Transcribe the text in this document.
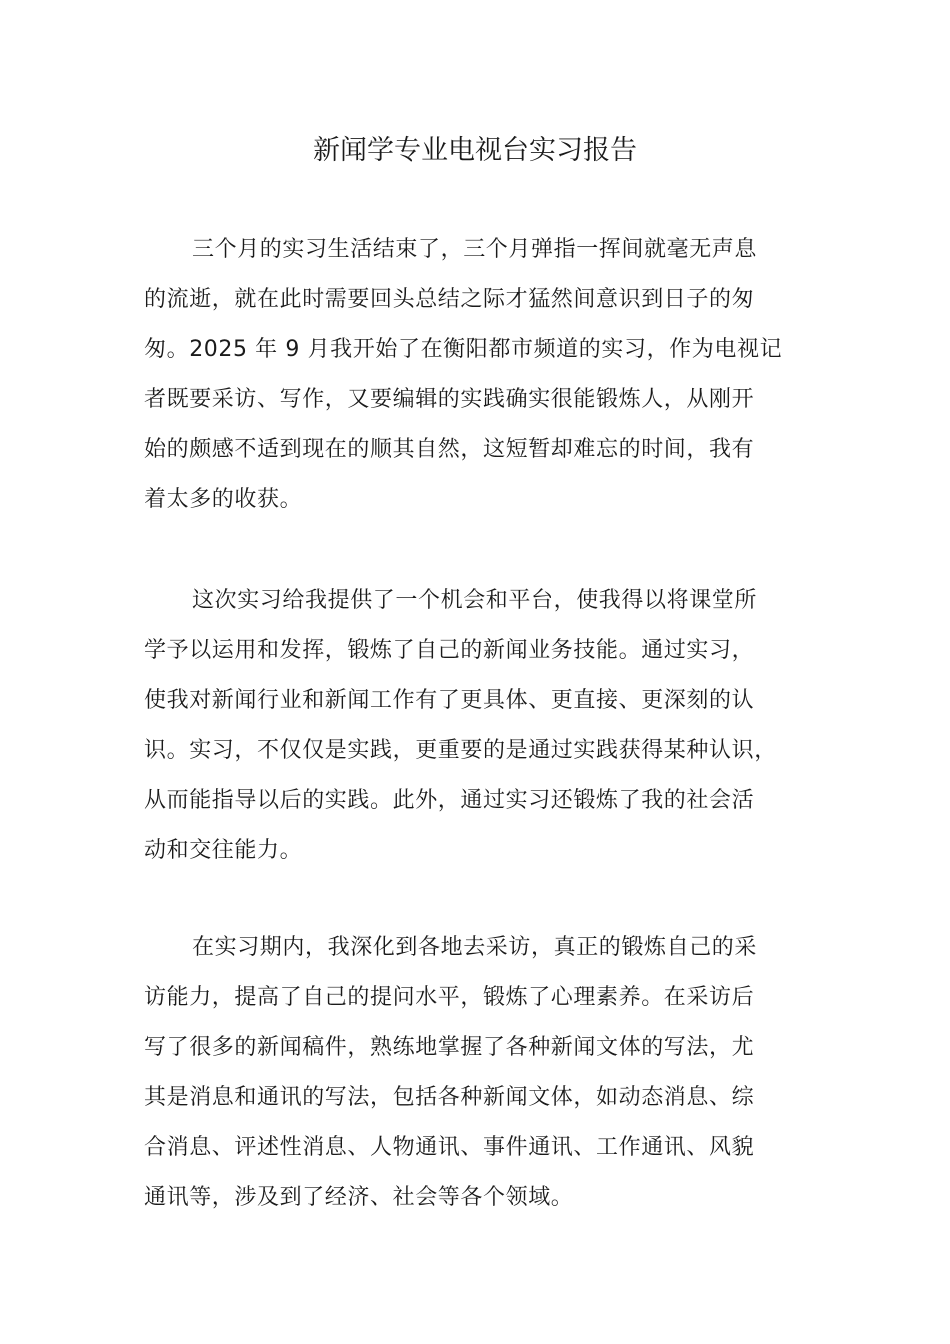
新闻学专业电视台实习报告
三个月的实习生活结束了，三个月弹指一挥间就毫无声息
的流逝，就在此时需要回头总结之际才猛然间意识到日子的匆
匆。2025 年 9 月我开始了在衡阳都市频道的实习，作为电视记
者既要采访、写作，又要编辑的实践确实很能锻炼人，从刚开
始的颇感不适到现在的顺其自然，这短暂却难忘的时间，我有
着太多的收获。
这次实习给我提供了一个机会和平台，使我得以将课堂所
学予以运用和发挥，锻炼了自己的新闻业务技能。通过实习，
使我对新闻行业和新闻工作有了更具体、更直接、更深刻的认
识。实习，不仅仅是实践，更重要的是通过实践获得某种认识，
从而能指导以后的实践。此外，通过实习还锻炼了我的社会活
动和交往能力。
在实习期内，我深化到各地去采访，真正的锻炼自己的采
访能力，提高了自己的提问水平，锻炼了心理素养。在采访后
写了很多的新闻稿件，熟练地掌握了各种新闻文体的写法，尤
其是消息和通讯的写法，包括各种新闻文体，如动态消息、综
合消息、评述性消息、人物通讯、事件通讯、工作通讯、风貌
通讯等，涉及到了经济、社会等各个领域。
